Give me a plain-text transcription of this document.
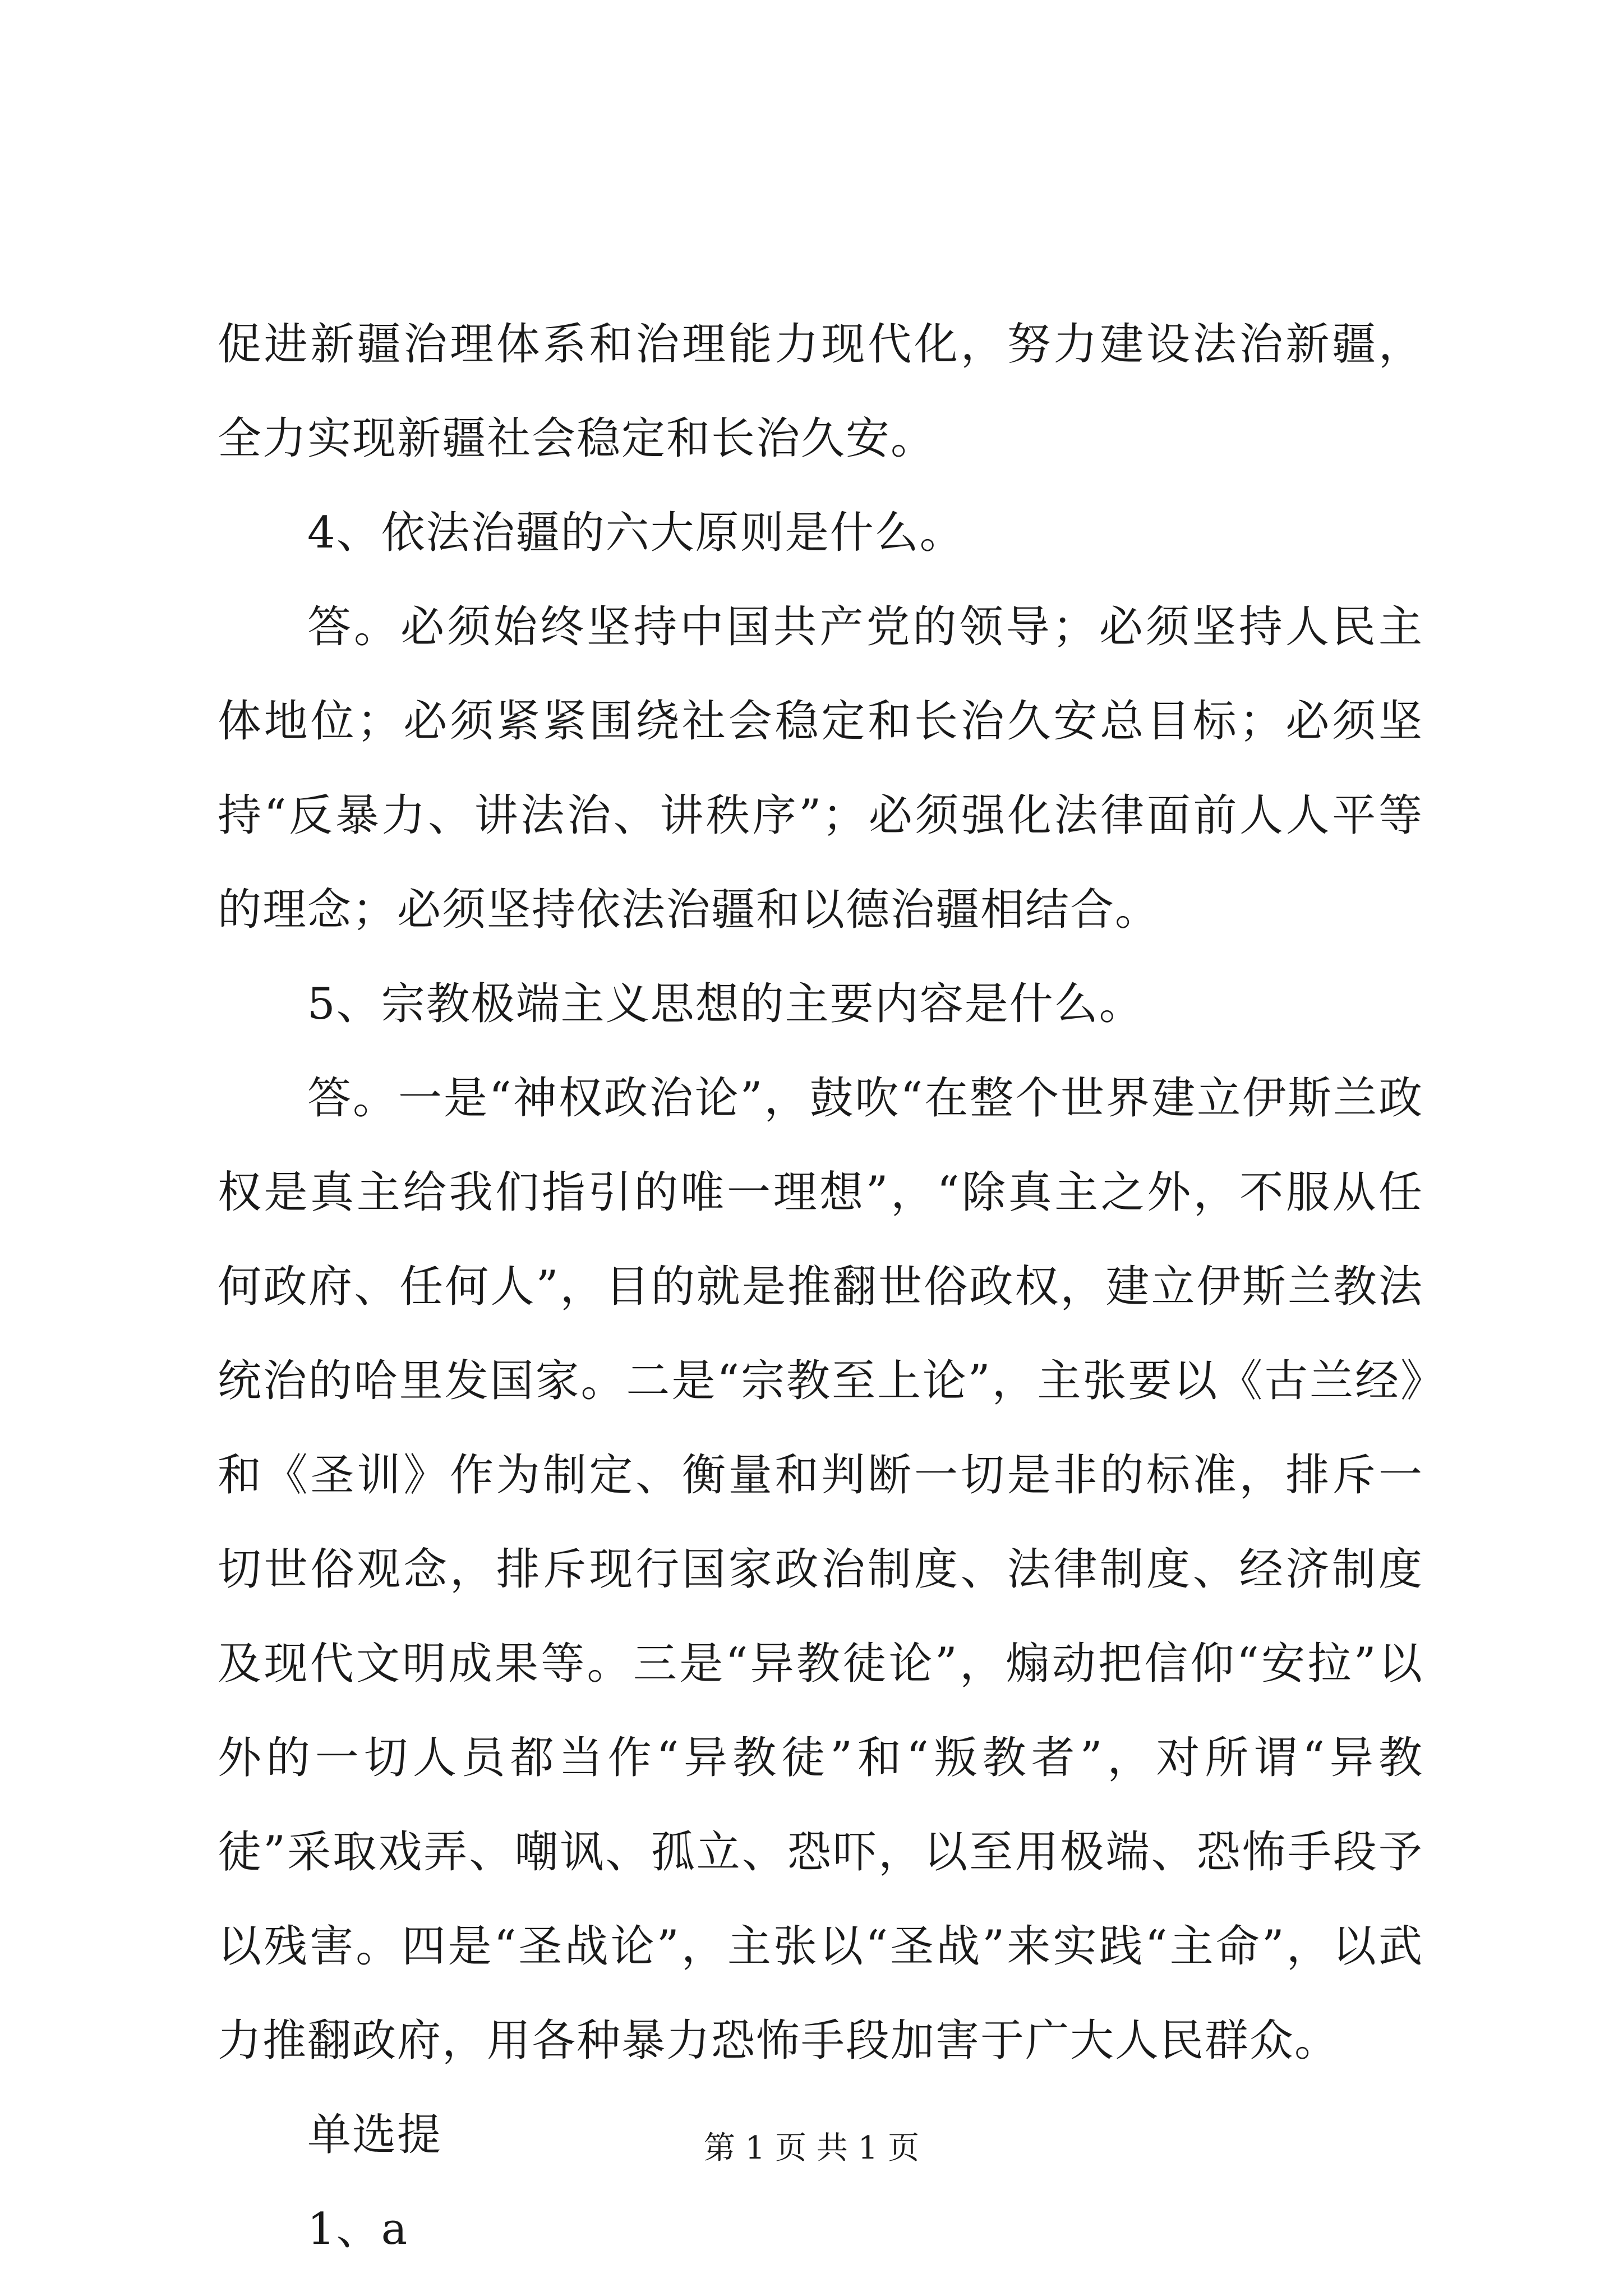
促进新疆治理体系和治理能力现代化，努力建设法治新疆，全力实现新疆社会稳定和长治久安。

4、依法治疆的六大原则是什么。

答。必须始终坚持中国共产党的领导；必须坚持人民主体地位；必须紧紧围绕社会稳定和长治久安总目标；必须坚持“反暴力、讲法治、讲秩序”；必须强化法律面前人人平等的理念；必须坚持依法治疆和以德治疆相结合。

5、宗教极端主义思想的主要内容是什么。

答。一是“神权政治论”，鼓吹“在整个世界建立伊斯兰政权是真主给我们指引的唯一理想”，“除真主之外，不服从任何政府、任何人”，目的就是推翻世俗政权，建立伊斯兰教法统治的哈里发国家。二是“宗教至上论”，主张要以《古兰经》和《圣训》作为制定、衡量和判断一切是非的标准，排斥一切世俗观念，排斥现行国家政治制度、法律制度、经济制度及现代文明成果等。三是“异教徒论”，煽动把信仰“安拉”以外的一切人员都当作“异教徒”和“叛教者”，对所谓“异教徒”采取戏弄、嘲讽、孤立、恐吓，以至用极端、恐怖手段予以残害。四是“圣战论”，主张以“圣战”来实践“主命”，以武力推翻政府，用各种暴力恐怖手段加害于广大人民群众。

单选提

1、a

第 1 页 共 1 页
